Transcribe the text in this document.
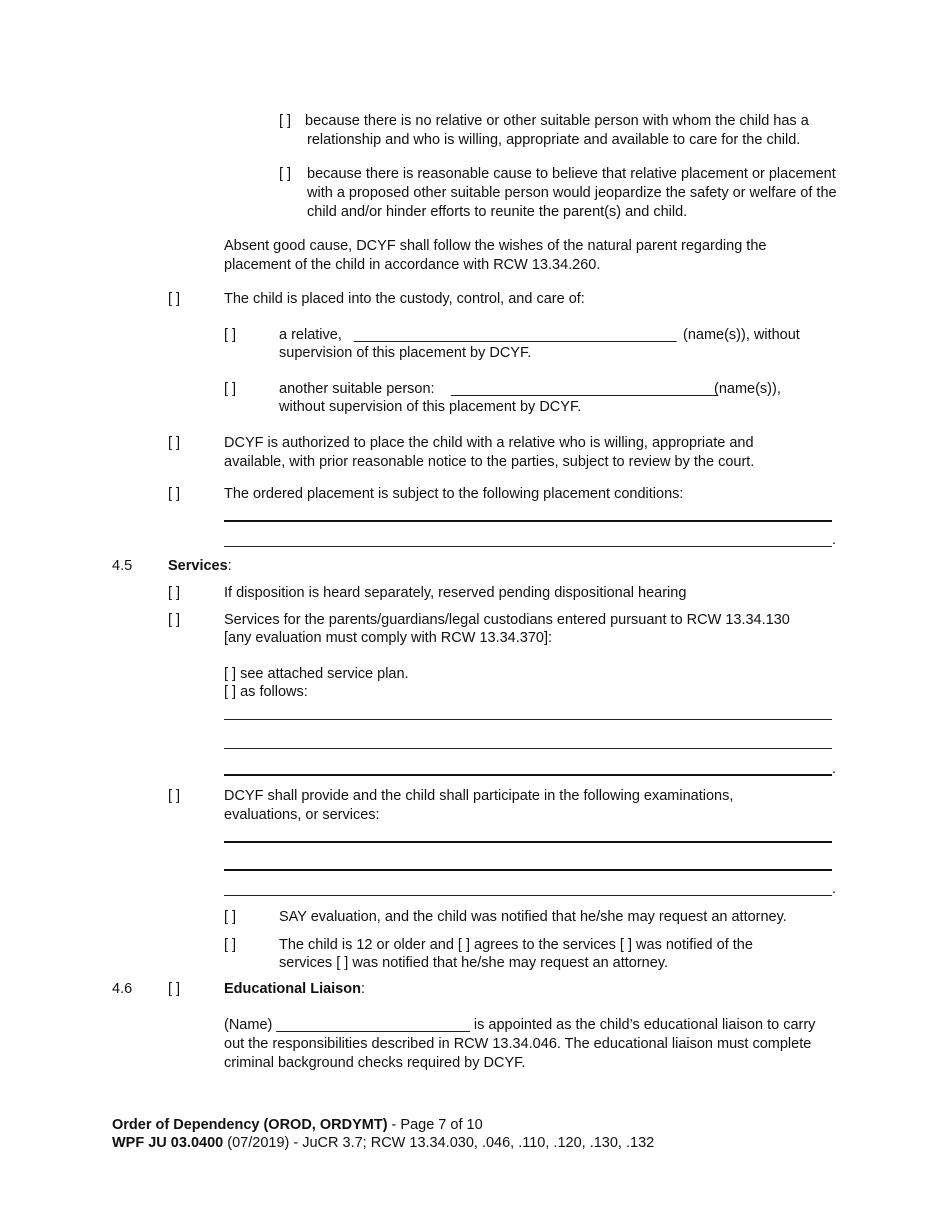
[ ] because there is no relative or other suitable person with whom the child has a relationship and who is willing, appropriate and available to care for the child.
[ ] because there is reasonable cause to believe that relative placement or placement with a proposed other suitable person would jeopardize the safety or welfare of the child and/or hinder efforts to reunite the parent(s) and child.
Absent good cause, DCYF shall follow the wishes of the natural parent regarding the placement of the child in accordance with RCW 13.34.260.
[ ]	The child is placed into the custody, control, and care of:
[ ]	a relative, ________________________________________ (name(s)), without
supervision of this placement by DCYF.
[ ]	another suitable person: _________________________________
(name(s)),
without supervision of this placement by DCYF.
[ ]	DCYF is authorized to place the child with a relative who is willing, appropriate and available, with prior reasonable notice to the parties, subject to review by the court.
[ ]	The ordered placement is subject to the following placement conditions:
.
4.5 Services:
[ ]	If disposition is heard separately, reserved pending dispositional hearing
[ ]	Services for the parents/guardians/legal custodians entered pursuant to RCW 13.34.130
[any evaluation must comply with RCW 13.34.370]:
[ ] see attached service plan.
[ ] as follows:
.
[ ]	DCYF shall provide and the child shall participate in the following examinations, evaluations, or services:
.
[ ]	SAY evaluation, and the child was notified that he/she may request an attorney.
[ ]	The child is 12 or older and [ ] agrees to the services [ ] was notified of the
services [ ] was notified that he/she may request an attorney.
4.6 [ ]	Educational Liaison:
(Name) ________________________ is appointed as the child’s educational liaison to carry out the responsibilities described in RCW 13.34.046. The educational liaison must complete criminal background checks required by DCYF.
Order of Dependency (OROD, ORDYMT) - Page 7 of 10
WPF JU 03.0400 (07/2019) - JuCR 3.7; RCW 13.34.030, .046, .110, .120, .130, .132
